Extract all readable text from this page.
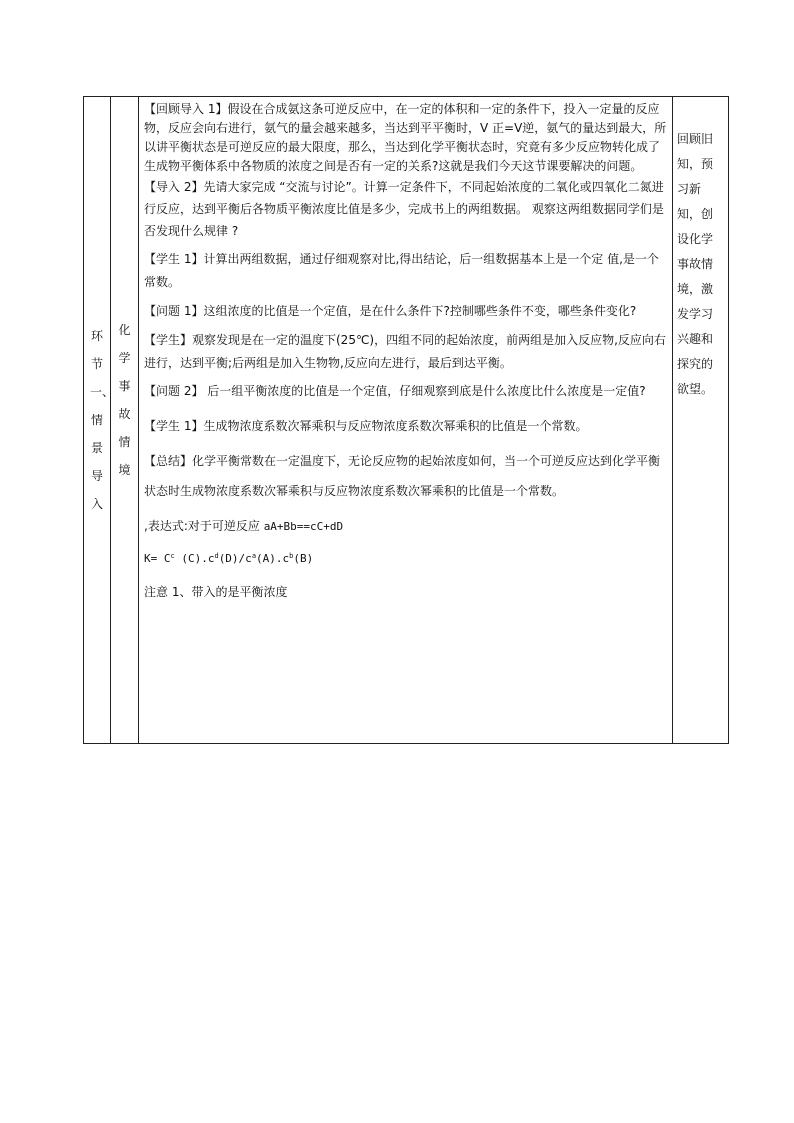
环节一、情景导入
化学事故情境

【回顾导入 1】假设在合成氨这条可逆反应中，在一定的体积和一定的条件下，投入一定量的反应物，反应会向右进行，氨气的量会越来越多，当达到平平衡时，V 正=V逆，氨气的量达到最大，所以讲平衡状态是可逆反应的最大限度，那么，当达到化学平衡状态时，究竟有多少反应物转化成了生成物平衡体系中各物质的浓度之间是否有一定的关系?这就是我们今天这节课要解决的问题。

【导入 2】先请大家完成 “交流与讨论”。计算一定条件下，不同起始浓度的二氧化或四氧化二氮进行反应，达到平衡后各物质平衡浓度比值是多少，完成书上的两组数据。 观察这两组数据同学们是否发现什么规律 ?

【学生 1】计算出两组数据，通过仔细观察对比,得出结论，后一组数据基本上是一个定 值,是一个常数。

【问题 1】这组浓度的比值是一个定值，是在什么条件下?控制哪些条件不变，哪些条件变化?

【学生】观察发现是在一定的温度下(25℃)，四组不同的起始浓度，前两组是加入反应物,反应向右进行，达到平衡;后两组是加入生物物,反应向左进行，最后到达平衡。

【问题 2】 后一组平衡浓度的比值是一个定值，仔细观察到底是什么浓度比什么浓度是一定值?

【学生 1】生成物浓度系数次幂乘积与反应物浓度系数次幂乘积的比值是一个常数。

【总结】化学平衡常数在一定温度下，无论反应物的起始浓度如何，当一个可逆反应达到化学平衡状态时生成物浓度系数次幂乘积与反应物浓度系数次幂乘积的比值是一个常数。

,表达式:对于可逆反应 aA+Bb==cC+dD

$K= C^c$ $(C).c^d(D)/c^a(A).c^b(B)$

注意 1、带入的是平衡浓度

回顾旧知，预习新知，创设化学事故情境，激发学习兴趣和探究的欲望。
